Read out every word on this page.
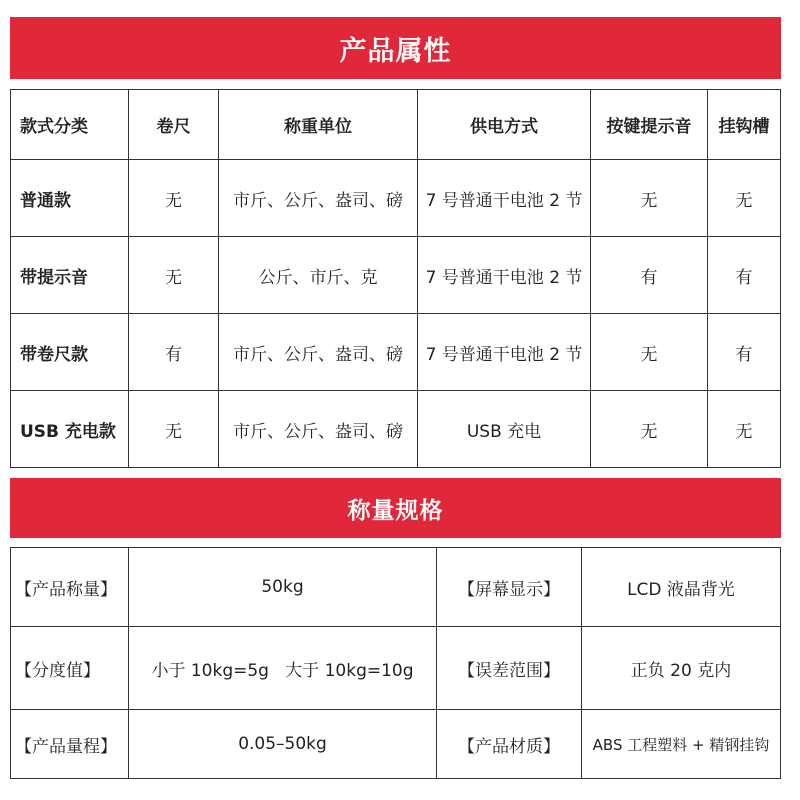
产品属性
款式分类	卷尺	称重单位	供电方式	按键提示音	挂钩槽
普通款	无	市斤、公斤、盎司、磅	7 号普通干电池 2 节	无	无
带提示音	无	公斤、市斤、克	7 号普通干电池 2 节	有	有
带卷尺款	有	市斤、公斤、盎司、磅	7 号普通干电池 2 节	无	有
USB 充电款	无	市斤、公斤、盎司、磅	USB 充电	无	无
称量规格
【产品称量】	50kg	【屏幕显示】	LCD 液晶背光
【分度值】	小于 10kg=5g   大于 10kg=10g	【误差范围】	正负 20 克内
【产品量程】	0.05–50kg	【产品材质】	ABS 工程塑料 + 精钢挂钩
